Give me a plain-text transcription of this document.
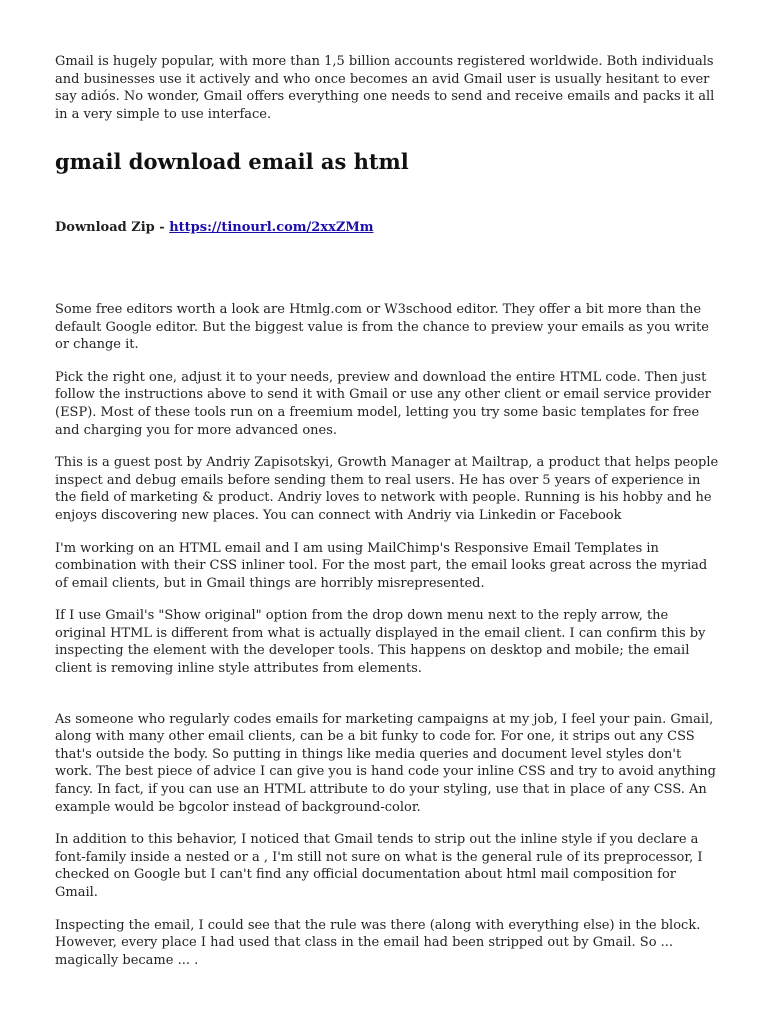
Gmail is hugely popular, with more than 1,5 billion accounts registered worldwide. Both individuals and businesses use it actively and who once becomes an avid Gmail user is usually hesitant to ever say adiós. No wonder, Gmail offers everything one needs to send and receive emails and packs it all in a very simple to use interface.

gmail download email as html
Download Zip - https://tinourl.com/2xxZMm

Some free editors worth a look are Htmlg.com or W3schood editor. They offer a bit more than the default Google editor. But the biggest value is from the chance to preview your emails as you write or change it.

Pick the right one, adjust it to your needs, preview and download the entire HTML code. Then just follow the instructions above to send it with Gmail or use any other client or email service provider (ESP). Most of these tools run on a freemium model, letting you try some basic templates for free and charging you for more advanced ones.

This is a guest post by Andriy Zapisotskyi, Growth Manager at Mailtrap, a product that helps people inspect and debug emails before sending them to real users. He has over 5 years of experience in the field of marketing & product. Andriy loves to network with people. Running is his hobby and he enjoys discovering new places. You can connect with Andriy via Linkedin or Facebook

I'm working on an HTML email and I am using MailChimp's Responsive Email Templates in combination with their CSS inliner tool. For the most part, the email looks great across the myriad of email clients, but in Gmail things are horribly misrepresented.

If I use Gmail's "Show original" option from the drop down menu next to the reply arrow, the original HTML is different from what is actually displayed in the email client. I can confirm this by inspecting the element with the developer tools. This happens on desktop and mobile; the email client is removing inline style attributes from elements.

As someone who regularly codes emails for marketing campaigns at my job, I feel your pain. Gmail, along with many other email clients, can be a bit funky to code for. For one, it strips out any CSS that's outside the body. So putting in things like media queries and document level styles don't work. The best piece of advice I can give you is hand code your inline CSS and try to avoid anything fancy. In fact, if you can use an HTML attribute to do your styling, use that in place of any CSS. An example would be bgcolor instead of background-color.

In addition to this behavior, I noticed that Gmail tends to strip out the inline style if you declare a font-family inside a nested or a , I'm still not sure on what is the general rule of its preprocessor, I checked on Google but I can't find any official documentation about html mail composition for Gmail.

Inspecting the email, I could see that the rule was there (along with everything else) in the block. However, every place I had used that class in the email had been stripped out by Gmail. So ... magically became ... .
